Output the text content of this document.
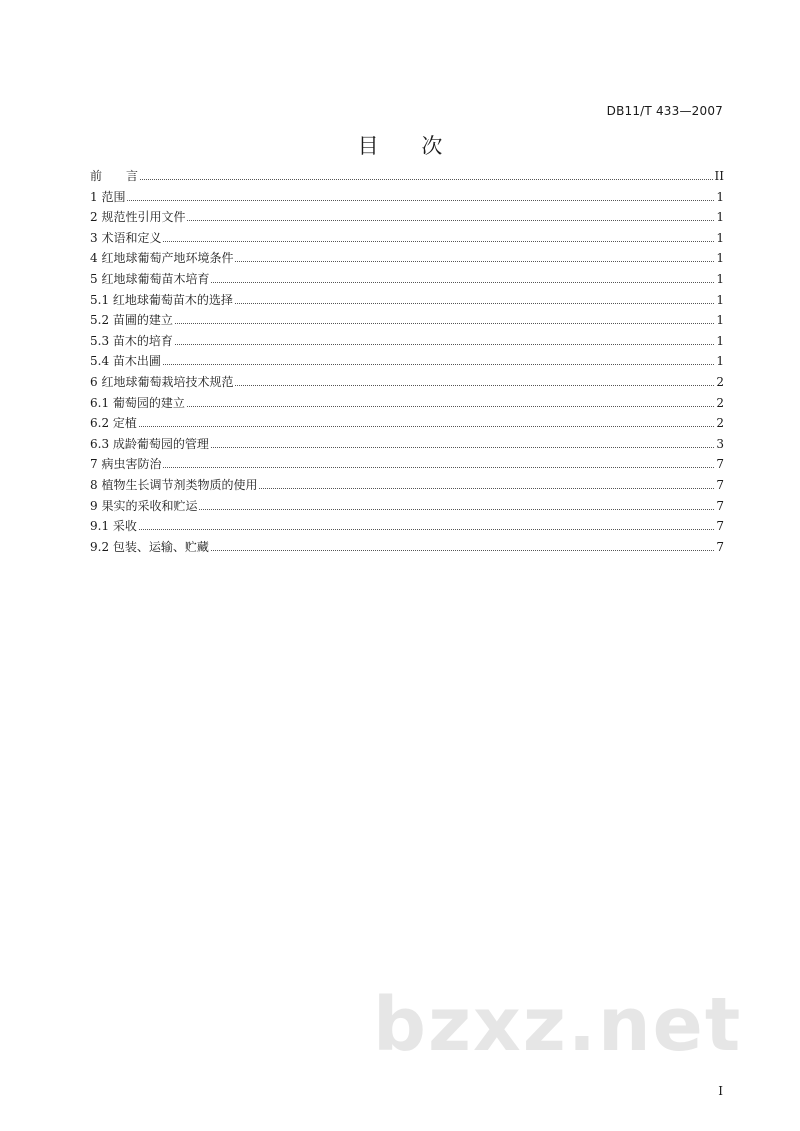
DB11/T 433—2007
目 次
前　　言	II
1 范围	1
2 规范性引用文件	1
3 术语和定义	1
4 红地球葡萄产地环境条件	1
5 红地球葡萄苗木培育	1
5.1 红地球葡萄苗木的选择	1
5.2 苗圃的建立	1
5.3 苗木的培育	1
5.4 苗木出圃	1
6 红地球葡萄栽培技术规范	2
6.1 葡萄园的建立	2
6.2 定植	2
6.3 成龄葡萄园的管理	3
7 病虫害防治	7
8 植物生长调节剂类物质的使用	7
9 果实的采收和贮运	7
9.1 采收	7
9.2 包装、运输、贮藏	7
bzxz.net
I
